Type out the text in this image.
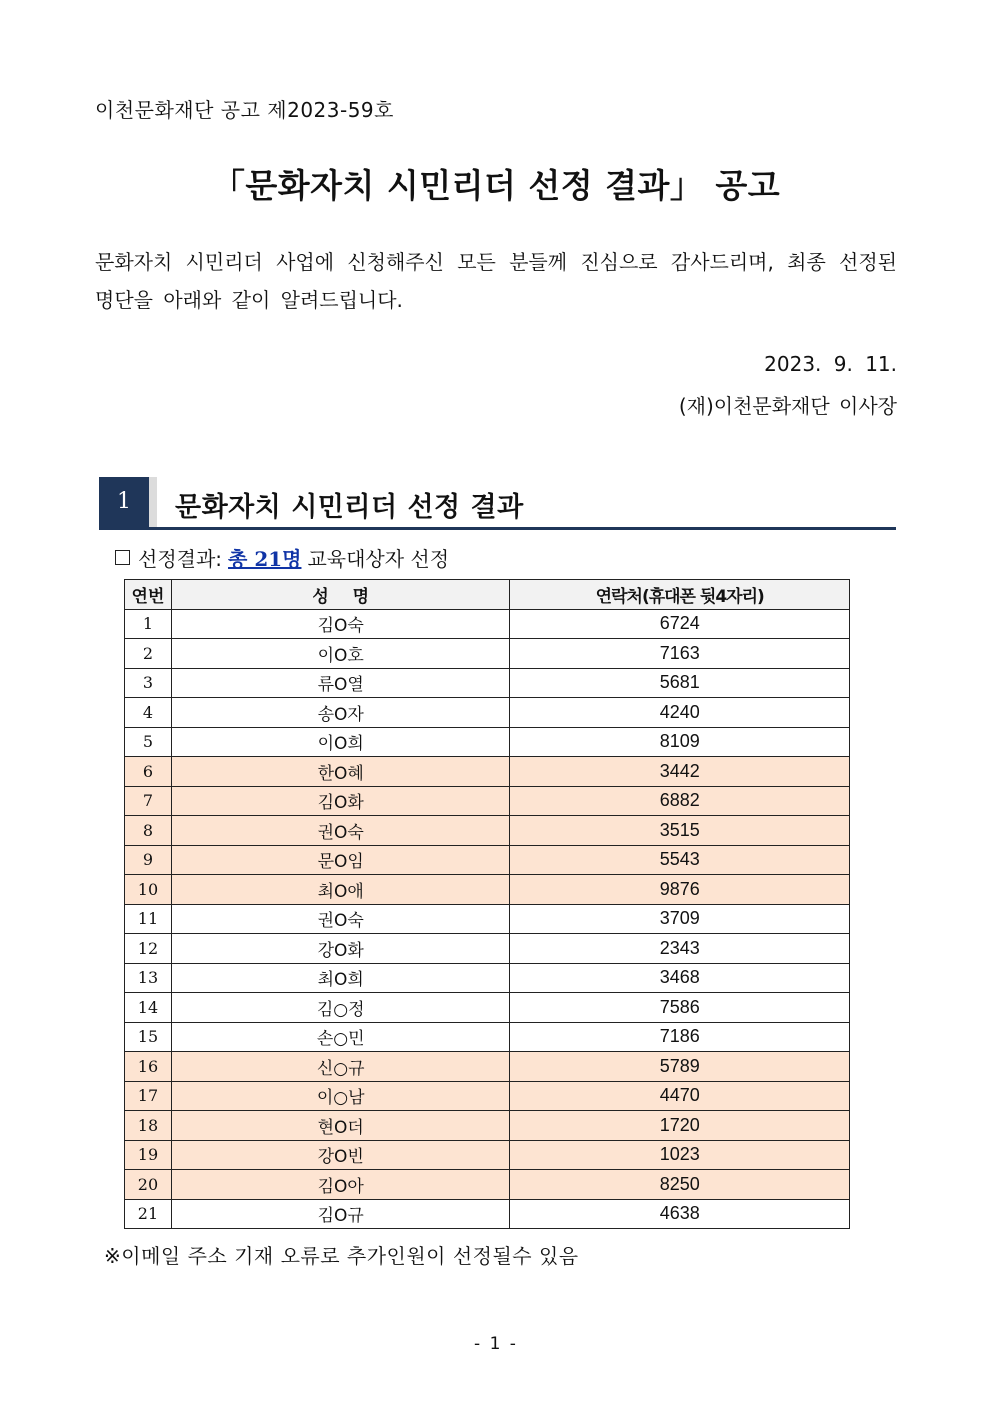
이천문화재단 공고 제2023-59호
「문화자치 시민리더 선정 결과」 공고
문화자치 시민리더 사업에 신청해주신 모든 분들께 진심으로 감사드리며, 최종 선정된 명단을 아래와 같이 알려드립니다.
2023. 9. 11.
(재)이천문화재단 이사장
1	문화자치 시민리더 선정 결과
선정결과: 총 21명 교육대상자 선정
연번	성 명	연락처(휴대폰 뒷4자리)
1	김O숙	6724
2	이O호	7163
3	류O열	5681
4	송O자	4240
5	이O희	8109
6	한O혜	3442
7	김O화	6882
8	권O숙	3515
9	문O임	5543
10	최O애	9876
11	권O숙	3709
12	강O화	2343
13	최O희	3468
14	김○정	7586
15	손○민	7186
16	신○규	5789
17	이○남	4470
18	현O더	1720
19	강O빈	1023
20	김O아	8250
21	김O규	4638
※이메일 주소 기재 오류로 추가인원이 선정될수 있음
- 1 -
